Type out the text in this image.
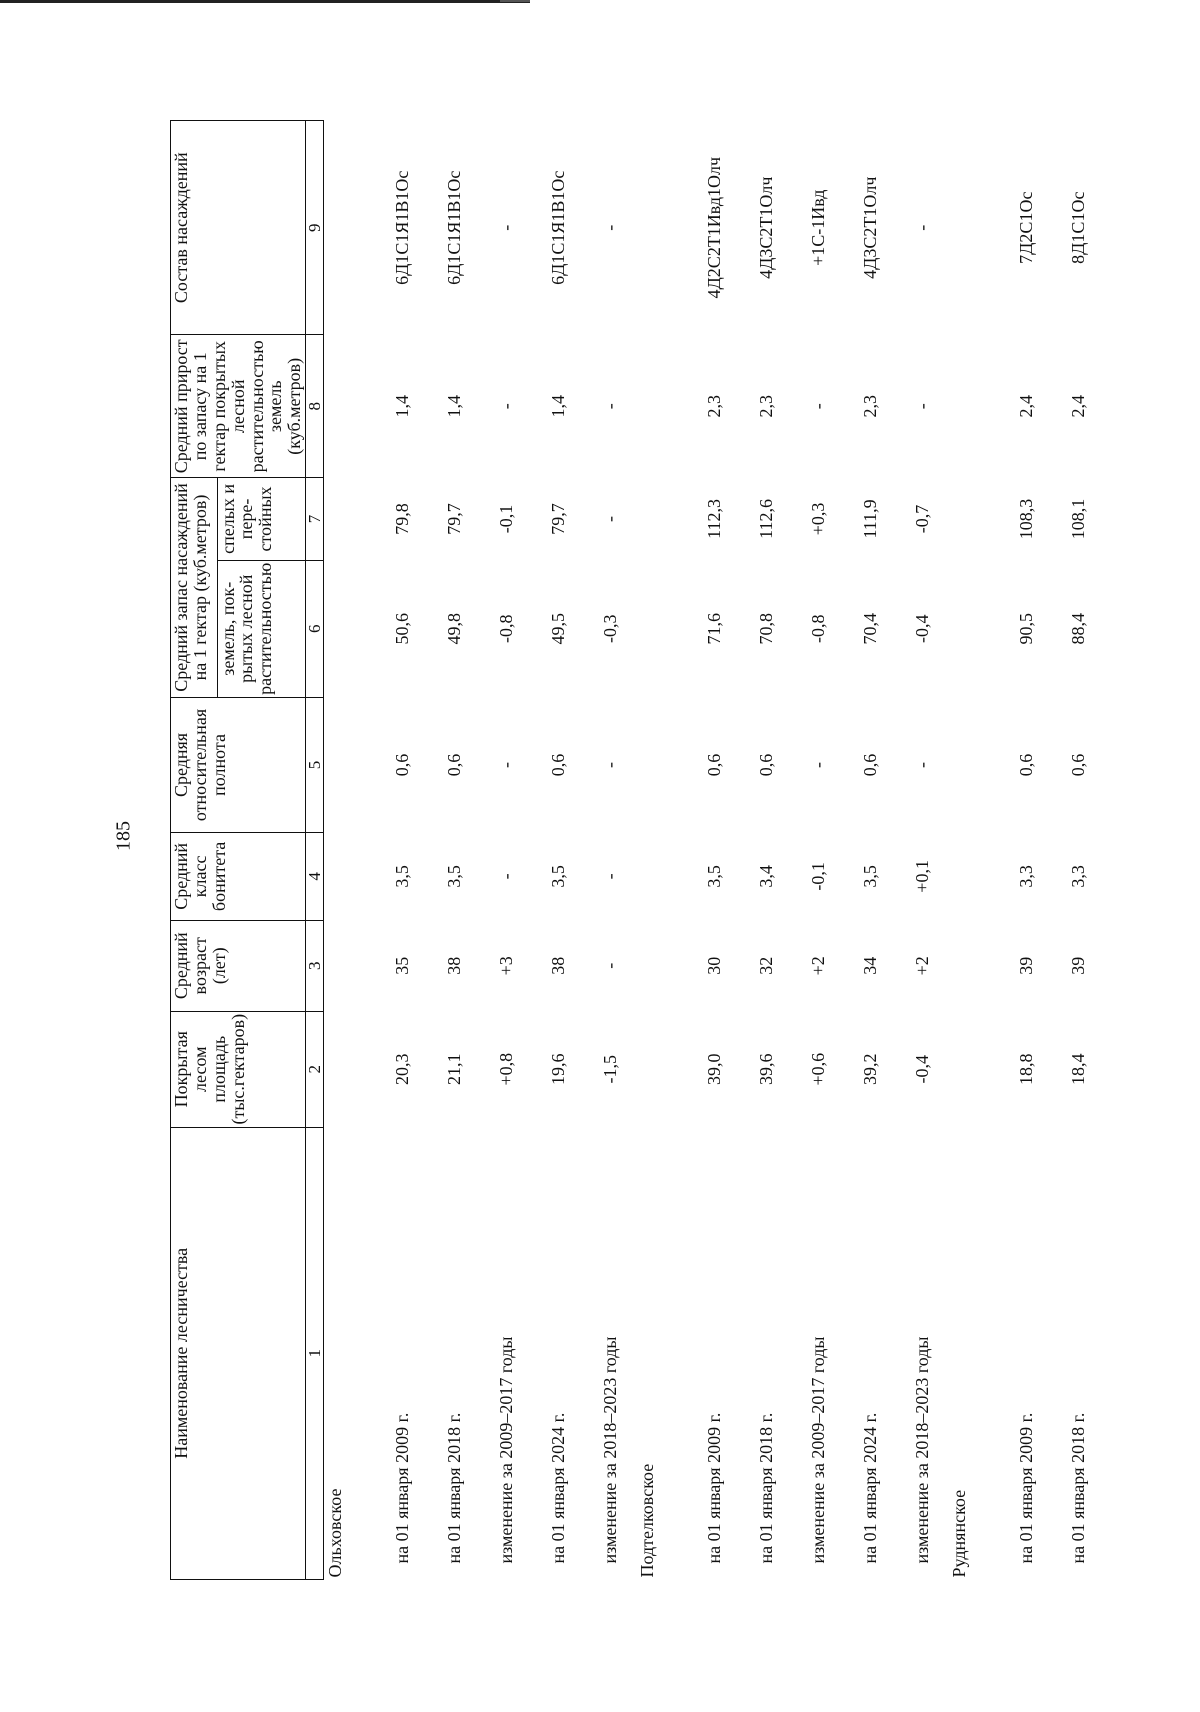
185
Наименование лесничества	Покрытая лесом площадь (тыс.гектаров)	Средний возраст (лет)	Средний класс бонитета	Средняя относительная полнота	Средний запас насаждений на 1 гектар (куб.метров)		Средний прирост по запасу на 1 гектар покрытых лесной растительностью земель (куб.метров)	Состав насаждений
					земель, пок-рытых лесной растительностью	спелых и пере-стойных		
1	2	3	4	5	6	7	8	9
Ольховское								
на 01 января 2009 г.	20,3	35	3,5	0,6	50,6	79,8	1,4	6Д1С1Я1В1Ос
на 01 января 2018 г.	21,1	38	3,5	0,6	49,8	79,7	1,4	6Д1С1Я1В1Ос
изменение за 2009–2017 годы	+0,8	+3	-	-	-0,8	-0,1	-	-
на 01 января 2024 г.	19,6	38	3,5	0,6	49,5	79,7	1,4	6Д1С1Я1В1Ос
изменение за 2018–2023 годы	-1,5	-	-	-	-0,3	-	-	-
Подтелковское								
на 01 января 2009 г.	39,0	30	3,5	0,6	71,6	112,3	2,3	4Д2С2Т1Ивд1Олч
на 01 января 2018 г.	39,6	32	3,4	0,6	70,8	112,6	2,3	4Д3С2Т1Олч
изменение за 2009–2017 годы	+0,6	+2	-0,1	-	-0,8	+0,3	-	+1С-1Ивд
на 01 января 2024 г.	39,2	34	3,5	0,6	70,4	111,9	2,3	4Д3С2Т1Олч
изменение за 2018–2023 годы	-0,4	+2	+0,1	-	-0,4	-0,7	-	-
Руднянское								
на 01 января 2009 г.	18,8	39	3,3	0,6	90,5	108,3	2,4	7Д2С1Ос
на 01 января 2018 г.	18,4	39	3,3	0,6	88,4	108,1	2,4	8Д1С1Ос
